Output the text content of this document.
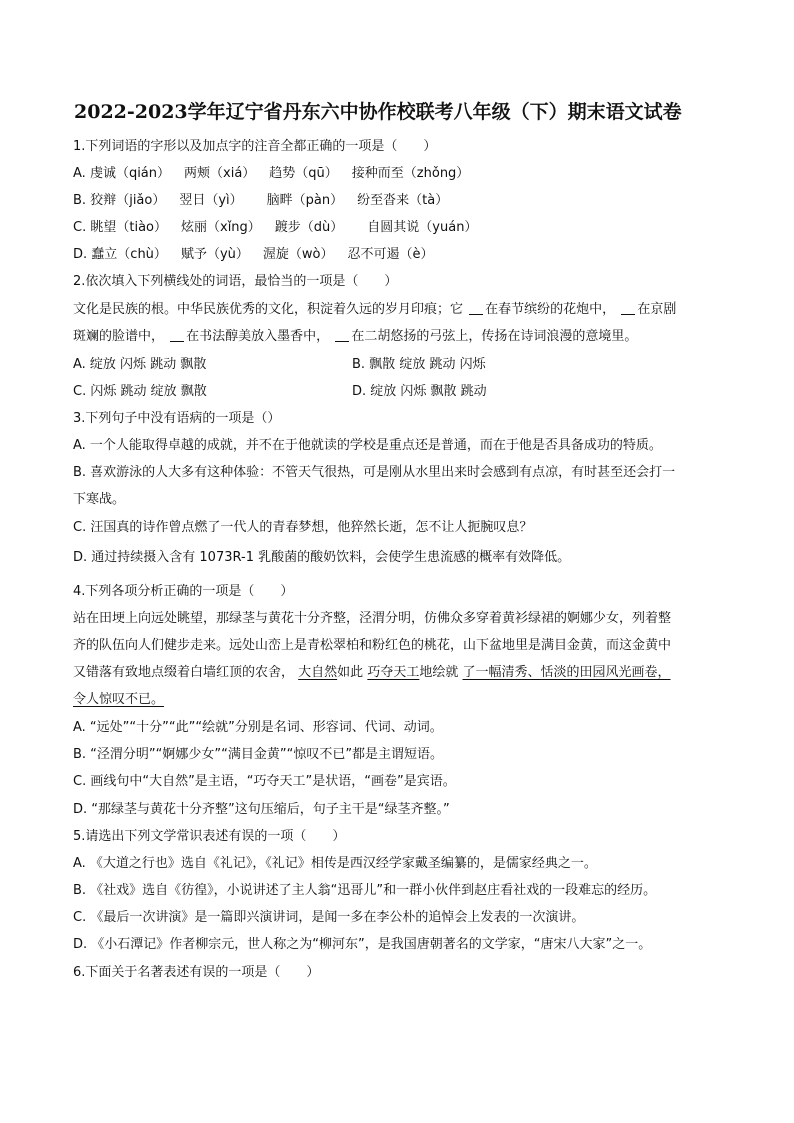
2022-2023学年辽宁省丹东六中协作校联考八年级（下）期末语文试卷
1.下列词语的字形以及加点字的注音全都正确的一项是（　　）
A. 虔诚（qián） 两颊（xiá） 趋势（qū） 接种而至（zhǒng）
B. 狡辩（jiǎo） 翌日（yì） 脑畔（pàn） 纷至沓来（tà）
C. 眺望（tiào） 炫丽（xǐng） 踱步（dù） 自圆其说（yuán）
D. 蠢立（chù） 赋予（yù） 渥旋（wò） 忍不可遏（è）
2.依次填入下列横线处的词语，最恰当的一项是（　　）
文化是民族的根。中华民族优秀的文化，积淀着久远的岁月印痕；它 在春节缤纷的花炮中， 在京剧
斑斓的脸谱中， 在书法醇美放入墨香中， 在二胡悠扬的弓弦上，传扬在诗词浪漫的意境里。
A. 绽放 闪烁 跳动 飘散	B. 飘散 绽放 跳动 闪烁
C. 闪烁 跳动 绽放 飘散	D. 绽放 闪烁 飘散 跳动
3.下列句子中没有语病的一项是（）
A. 一个人能取得卓越的成就，并不在于他就读的学校是重点还是普通，而在于他是否具备成功的特质。
B. 喜欢游泳的人大多有这种体验：不管天气很热，可是刚从水里出来时会感到有点凉，有时甚至还会打一
下寒战。
C. 汪国真的诗作曾点燃了一代人的青春梦想，他猝然长逝，怎不让人扼腕叹息？
D. 通过持续摄入含有 1073R-1 乳酸菌的酸奶饮料，会使学生患流感的概率有效降低。
4.下列各项分析正确的一项是（　　）
站在田埂上向远处眺望，那绿茎与黄花十分齐整，泾渭分明，仿佛众多穿着黄衫绿裙的婀娜少女，列着整
齐的队伍向人们健步走来。远处山峦上是青松翠柏和粉红色的桃花，山下盆地里是满目金黄，而这金黄中
又错落有致地点缀着白墙红顶的农舍， 大自然如此 巧夺天工地绘就 了一幅清秀、恬淡的田园风光画卷，
令人惊叹不已。
A. “远处”“十分”“此”“绘就”分别是名词、形容词、代词、动词。
B. “泾渭分明”“婀娜少女”“满目金黄”“惊叹不已”都是主谓短语。
C. 画线句中“大自然”是主语，“巧夺天工”是状语，“画卷”是宾语。
D. “那绿茎与黄花十分齐整”这句压缩后，句子主干是“绿茎齐整。”
5.请选出下列文学常识表述有误的一项（　　）
A. 《大道之行也》选自《礼记》，《礼记》相传是西汉经学家戴圣编纂的，是儒家经典之一。
B. 《社戏》选自《彷徨》，小说讲述了主人翁“迅哥儿”和一群小伙伴到赵庄看社戏的一段难忘的经历。
C. 《最后一次讲演》是一篇即兴演讲词，是闻一多在李公朴的追悼会上发表的一次演讲。
D. 《小石潭记》作者柳宗元，世人称之为“柳河东”，是我国唐朝著名的文学家，“唐宋八大家”之一。
6.下面关于名著表述有误的一项是（　　）
